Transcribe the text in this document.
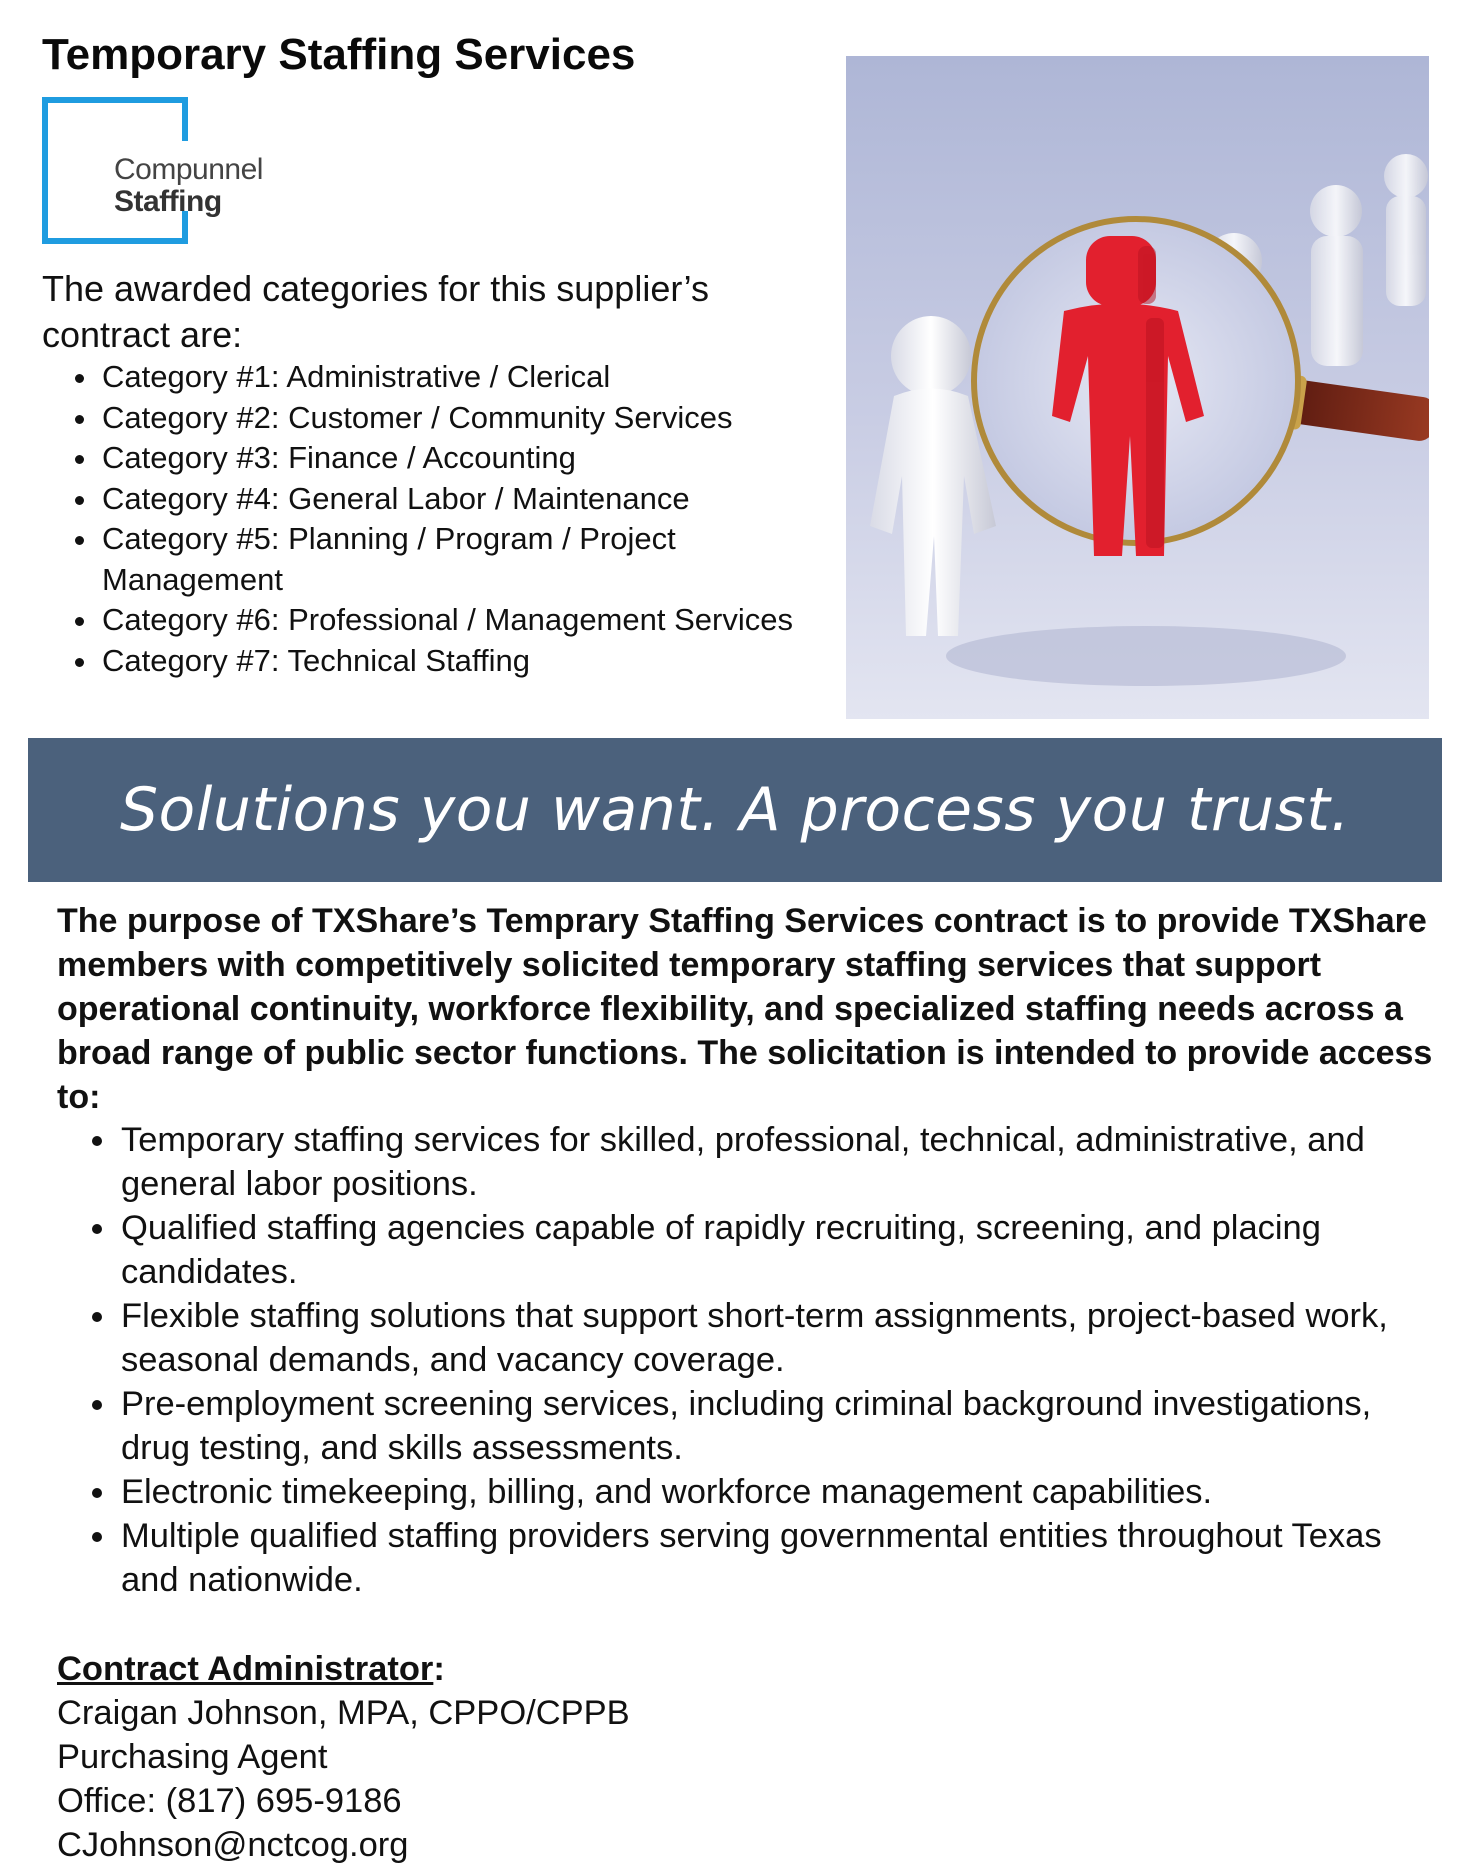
Temporary Staffing Services
Compunnel
Staffing

The awarded categories for this supplier’s contract are:

• Category #1: Administrative / Clerical
• Category #2: Customer / Community Services
• Category #3: Finance / Accounting
• Category #4: General Labor / Maintenance
• Category #5: Planning / Program / Project Management
• Category #6: Professional / Management Services
• Category #7: Technical Staffing
Solutions you want. A process you trust.

The purpose of TXShare’s Temprary Staffing Services contract is to provide TXShare members with competitively solicited temporary staffing services that support operational continuity, workforce flexibility, and specialized staffing needs across a broad range of public sector functions. The solicitation is intended to provide access to:

• Temporary staffing services for skilled, professional, technical, administrative, and general labor positions.
• Qualified staffing agencies capable of rapidly recruiting, screening, and placing candidates.
• Flexible staffing solutions that support short-term assignments, project-based work, seasonal demands, and vacancy coverage.
• Pre-employment screening services, including criminal background investigations, drug testing, and skills assessments.
• Electronic timekeeping, billing, and workforce management capabilities.
• Multiple qualified staffing providers serving governmental entities throughout Texas and nationwide.
Contract Administrator:
Craigan Johnson, MPA, CPPO/CPPB
Purchasing Agent
Office: (817) 695-9186
CJohnson@nctcog.org
